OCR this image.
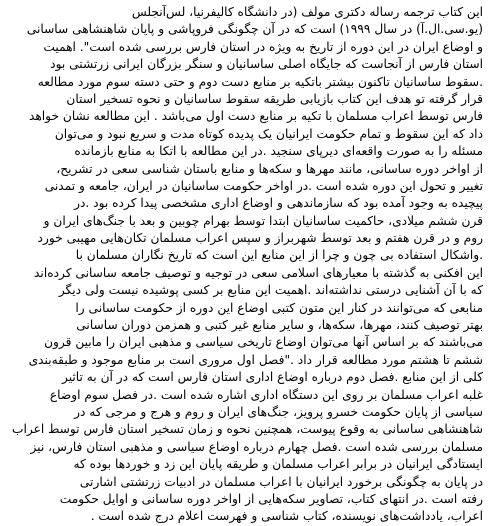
این کتاب ترجمه رساله دکتری مولف (در دانشگاه کالیفرنیا، لس‌آنجلس
(یو.سی.ال.آ) در سال ۱۹۹۹) است که در آن چگونگی فروپاشی و پایان شاهنشاهی ساسانی
و اوضاع ایران در این دوره از تاریخ به ویژه در استان فارس بررسی شده است". اهمیت
استان فارس از آنجاست که جایگاه اصلی ساسانیان و سنگر بزرگان ایرانی زرتشتی بود
.سقوط ساسانیان تاکنون بیشتر باتکیه بر منابع دست دوم و حتی دسته سوم مورد مطالعه
قرار گرفته تو هدف این کتاب بازیابی طریقه سقوط ساسانیان و نحوه تسخیر استان
فارس توسط اعراب مسلمان با تکیه بر منابع دست اول می‌باشد . این مطالعه نشان خواهد
داد که این سقوط و تمام حکومت ایرانیان یک پدیده کوتاه مدت و سریع نبود و می‌توان
مسئله را به صورت واقعه‌ای دیرپای سنجید .در این مطالعه با اتکا به منابع بازمانده
از اواخر دوره ساسانی، مانند مهرها و سکه‌ها و منابع باستان شناسی سعی در تشریح،
تغییر و تحول این دوره شده است .در اواخر حکومت ساسانیان در ایران، جامعه و تمدنی
پیچیده به وجود آمده بود که سازماندهی و اوضاع اداری مشخصی پیدا کرده بود .در
قرن ششم میلادی، حاکمیت ساسانیان ابتدا توسط بهرام چوبین و بعد با جنگ‌های ایران و
روم و در قرن هفتم و بعد توسط شهربراز و سپس اعراب مسلمان تکان‌هایی مهیبی خورد
.واشکال استفاده بی چون و چرا از این منابع این است که تاریخ نگاران مسلمان با
این افکنی به گذشته با معیارهای اسلامی سعی در توجیه و توصیف جامعه ساسانی کرده‌اند
که با آن آشنایی درستی نداشته‌اند .اهمیت این منابع بر کسی پوشیده نیست ولی دیگر
منابعی که می‌توانند در کنار این متون کتبی اوضاع این دوره از حکومت ساسانی را
بهتر توصیف کنند، مهرها، سکه‌ها، و سایر منابع غیر کتبی و همزمن دوران ساسانی
می‌باشند که بر اساس آنها می‌توان اوضاع تاریخی سیاسی و مذهبی ایران را مابین قرون
ششم تا هشتم مورد مطالعه قرار داد ."فصل اول مروری است بر منابع موجود و طبقه‌بندی
کلی از این منابع .فصل دوم درباره اوضاع اداری استان فارس است که در آن به تاثیر
غلبه اعراب مسلمان بر روی این دستگاه اداری اشاره شده است .در فصل سوم اوضاع
سیاسی از پایان حکومت خسرو پرویز، جنگ‌های ایران و روم و هرج و مرجی که در
شاهنشاهی ساسانی به وقوع پیوست، همچنین نحوه و زمان تسخیر استان فارس توسط اعراب
مسلمان بررسی شده است .فصل چهارم درباره اوضاع سیاسی و مذهبی استان فارس، نیز
ایستادگی ایرانیان در برابر اعراب مسلمان و طریقه پایان این زد و خوردها بوده که
در پایان به چگونگی برخورد ایرانیان با اعراب مسلمان در ادبیات زرتشتی اشارتی
رفته است .در انتهای کتاب، تصاویر سکه‌هایی از اواخر دوره ساسانی و اوایل حکومت
اعراب، یادداشت‌های نویسنده، کتاب شناسی و فهرست اعلام درج شده است .
